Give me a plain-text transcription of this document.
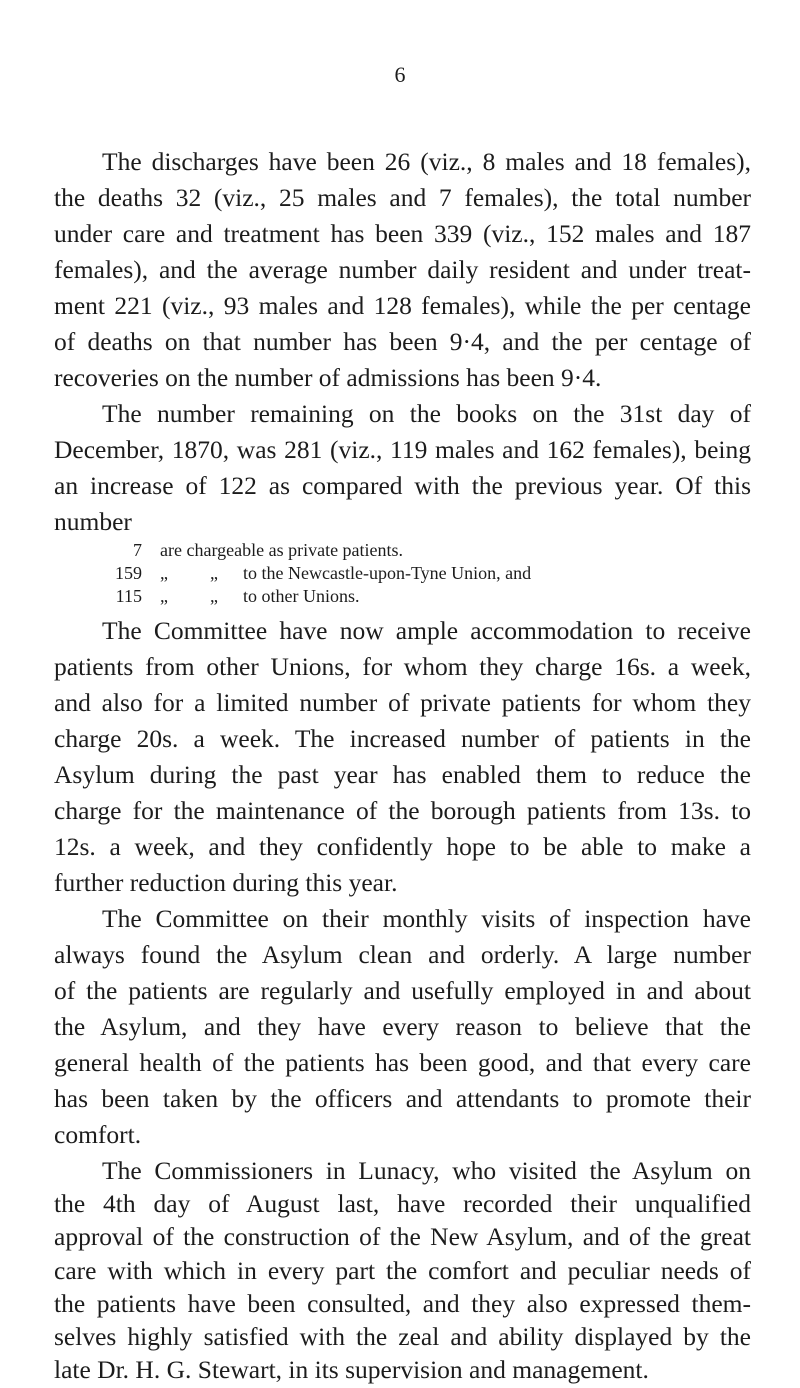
6

The discharges have been 26 (viz., 8 males and 18 females),

the deaths 32 (viz., 25 males and 7 females), the total number

under care and treatment has been 339 (viz., 152 males and 187

females), and the average number daily resident and under treat-

ment 221 (viz., 93 males and 128 females), while the per centage

of deaths on that number has been 9·4, and the per centage of

recoveries on the number of admissions has been 9·4.

The number remaining on the books on the 31st day of

December, 1870, was 281 (viz., 119 males and 162 females), being

an increase of 122 as compared with the previous year. Of this

number

7 are chargeable as private patients.
159 „ „ to the Newcastle-upon-Tyne Union, and
115 „ „ to other Unions.

The Committee have now ample accommodation to receive

patients from other Unions, for whom they charge 16s. a week,

and also for a limited number of private patients for whom they

charge 20s. a week. The increased number of patients in the

Asylum during the past year has enabled them to reduce the

charge for the maintenance of the borough patients from 13s. to

12s. a week, and they confidently hope to be able to make a

further reduction during this year.

The Committee on their monthly visits of inspection have

always found the Asylum clean and orderly. A large number

of the patients are regularly and usefully employed in and about

the Asylum, and they have every reason to believe that the

general health of the patients has been good, and that every care

has been taken by the officers and attendants to promote their

comfort.

The Commissioners in Lunacy, who visited the Asylum on

the 4th day of August last, have recorded their unqualified

approval of the construction of the New Asylum, and of the great

care with which in every part the comfort and peculiar needs of

the patients have been consulted, and they also expressed them-

selves highly satisfied with the zeal and ability displayed by the

late Dr. H. G. Stewart, in its supervision and management.
